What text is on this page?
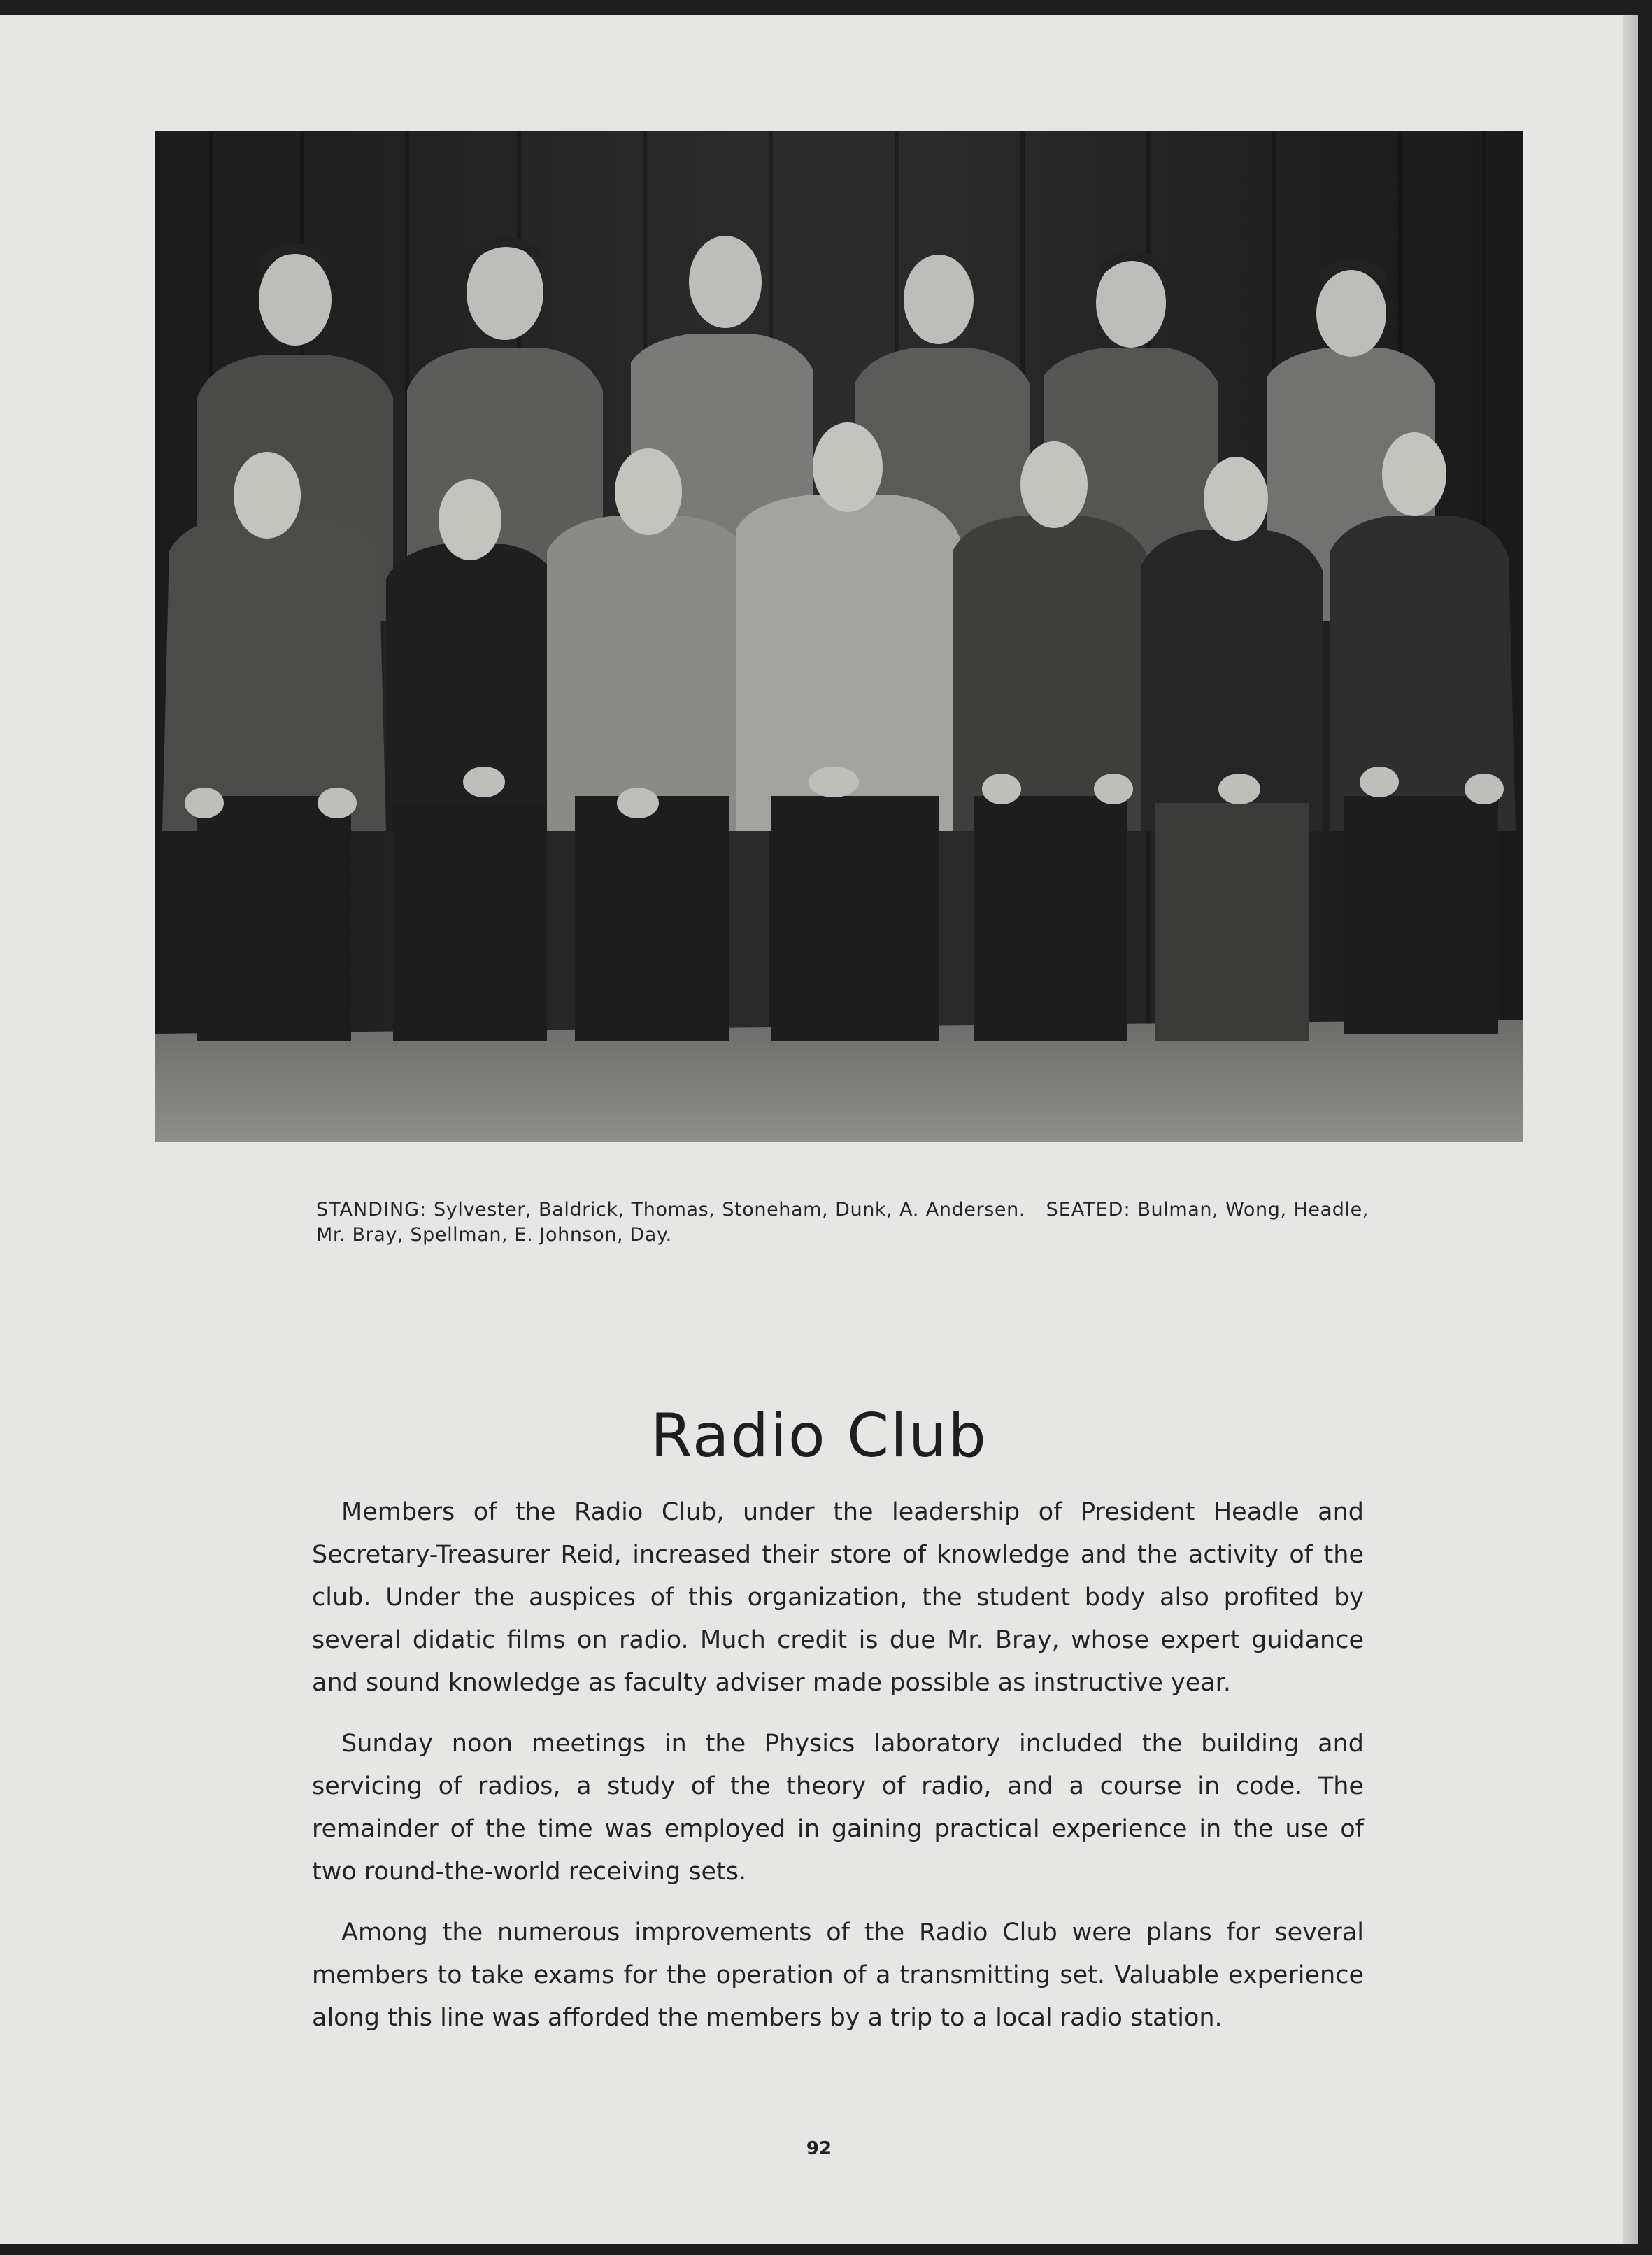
STANDING: Sylvester, Baldrick, Thomas, Stoneham, Dunk, A. Andersen. SEATED: Bulman, Wong, Headle, Mr. Bray, Spellman, E. Johnson, Day.
Radio Club

Members of the Radio Club, under the leadership of President Headle and Secretary-Treasurer Reid, increased their store of knowledge and the activity of the club. Under the auspices of this organization, the student body also profited by several didatic films on radio. Much credit is due Mr. Bray, whose expert guidance and sound knowledge as faculty adviser made possible as instructive year.

Sunday noon meetings in the Physics laboratory included the building and servicing of radios, a study of the theory of radio, and a course in code. The remainder of the time was employed in gaining practical experience in the use of two round-the-world receiving sets.

Among the numerous improvements of the Radio Club were plans for several members to take exams for the operation of a transmitting set. Valuable experience along this line was afforded the members by a trip to a local radio station.

92
